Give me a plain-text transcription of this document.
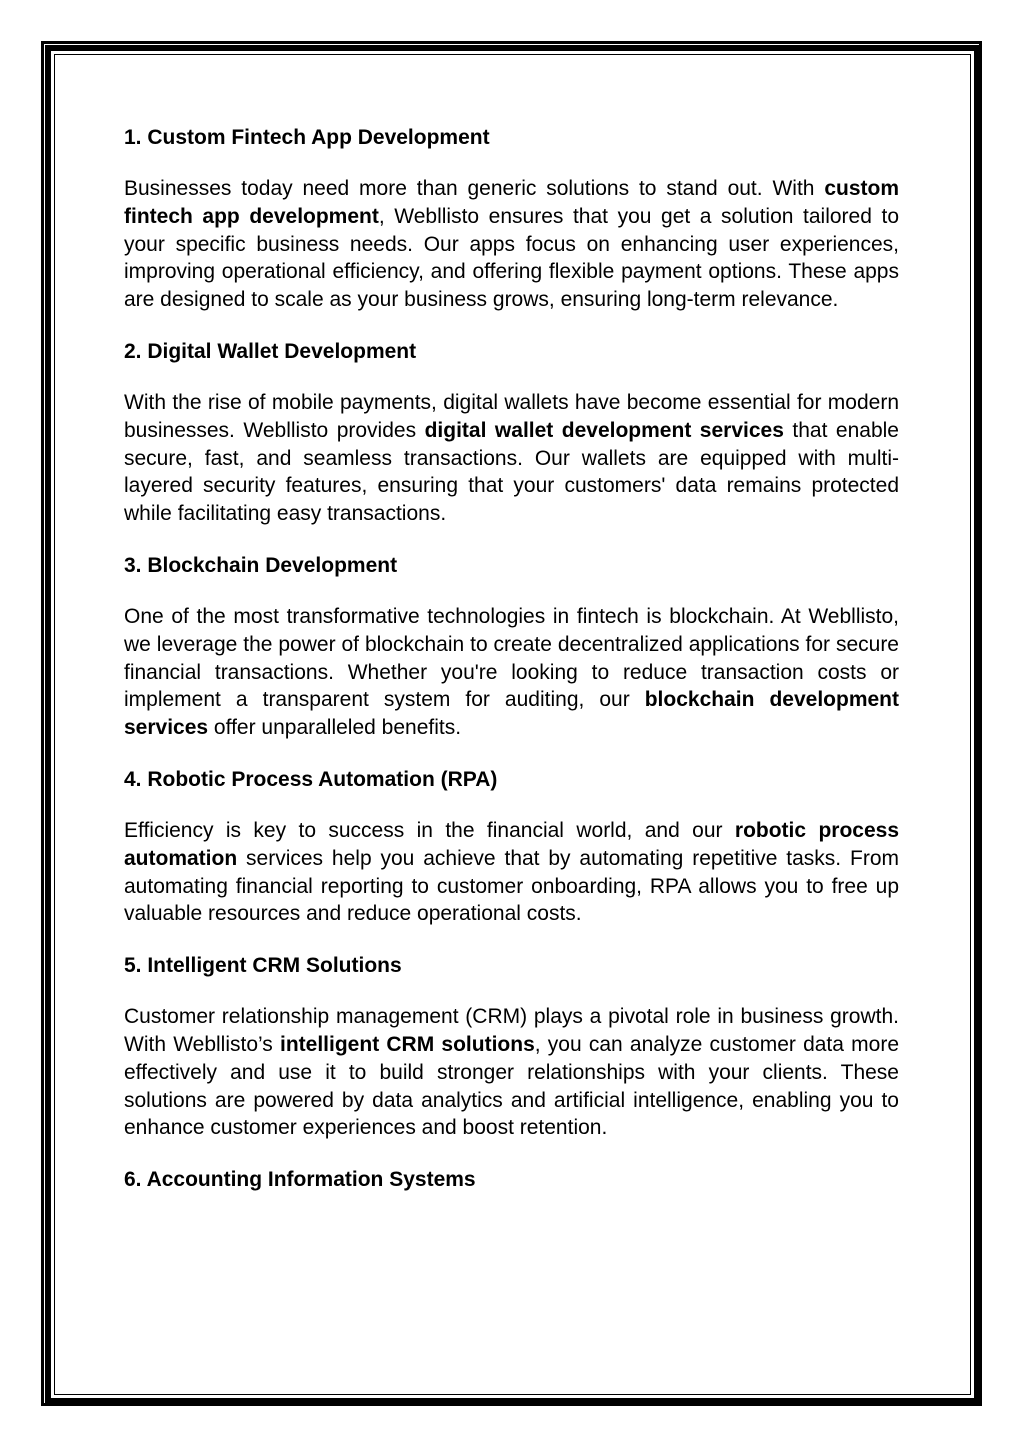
1. Custom Fintech App Development

Businesses today need more than generic solutions to stand out. With custom fintech app development, Webllisto ensures that you get a solution tailored to your specific business needs. Our apps focus on enhancing user experiences, improving operational efficiency, and offering flexible payment options. These apps are designed to scale as your business grows, ensuring long-term relevance.

2. Digital Wallet Development

With the rise of mobile payments, digital wallets have become essential for modern businesses. Webllisto provides digital wallet development services that enable secure, fast, and seamless transactions. Our wallets are equipped with multi-layered security features, ensuring that your customers' data remains protected while facilitating easy transactions.

3. Blockchain Development

One of the most transformative technologies in fintech is blockchain. At Webllisto, we leverage the power of blockchain to create decentralized applications for secure financial transactions. Whether you're looking to reduce transaction costs or implement a transparent system for auditing, our blockchain development services offer unparalleled benefits.

4. Robotic Process Automation (RPA)

Efficiency is key to success in the financial world, and our robotic process automation services help you achieve that by automating repetitive tasks. From automating financial reporting to customer onboarding, RPA allows you to free up valuable resources and reduce operational costs.

5. Intelligent CRM Solutions

Customer relationship management (CRM) plays a pivotal role in business growth. With Webllisto’s intelligent CRM solutions, you can analyze customer data more effectively and use it to build stronger relationships with your clients. These solutions are powered by data analytics and artificial intelligence, enabling you to enhance customer experiences and boost retention.

6. Accounting Information Systems
